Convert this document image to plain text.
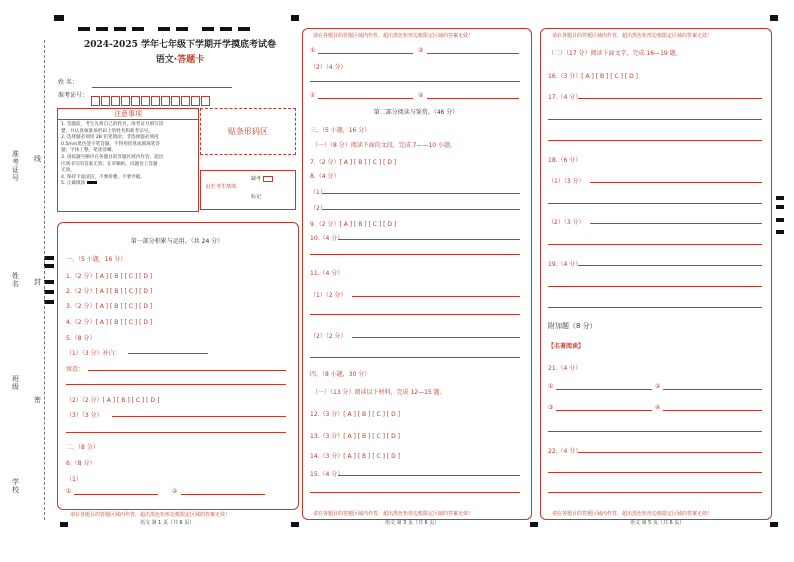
准考证号
线
姓名 封
班级
密
学校
2024-2025 学年七年级下学期开学摸底考试卷
语文·答题卡
姓 名：
准考证号：
注意事项
1. 答题前，考生先将自己的姓名，准考证号填写清
楚，并认真核准条形码上的姓名和准考证号。
2. 选择题必须用 2B 铅笔填涂；非选择题必须用
0.5mm黑色签字笔答题，不得用铅笔或圆珠笔答
题；字体工整，笔迹清晰。
3. 请按题号顺序在各题目的答题区域内作答，超出
区域书写的答案无效；在草稿纸、试题卷上答题
无效。
4. 保持卡面清洁，不要折叠，不要弄破。
5. 正确填涂
贴条形码区
此栏考生禁填
缺考
标记
第一部分积累与运用。（共 24 分）
一、（5 小题，16 分）
1.（2 分）[ A ] [ B ] [ C ] [ D ]
2.（2 分）[ A ] [ B ] [ C ] [ D ]
3.（2 分）[ A ] [ B ] [ C ] [ D ]
4.（2 分）[ A ] [ B ] [ C ] [ D ]
5.（8 分）
（1）（3 分）补白：
寓意：
（2）（2 分）[ A ] [ B ] [ C ] [ D ]
（3）（3 分）
二、（8 分）
6.（8 分）
（1）
①	②
请在各题目的答题区域内作答，超出黑色矩形边框限定区域的答案无效！
语文 第 1 页（共 6 页）
请在各题目的答题区域内作答，超出黑色矩形边框限定区域的答案无效！
①	②
（2）（4 分）
①	②
第二部分阅读与鉴赏。（46 分）
三、（5 小题，16 分）
（一）（8 分）阅读下面的文段，完成 7——10 小题。
7.（2 分）[ A ] [ B ] [ C ] [ D ]
8.（4 分）
（1）
（2）
9.（2 分）[ A ] [ B ] [ C ] [ D ]
10.（4 分）
11.（4 分）
（1）（2 分）
（2）（2 分）
四、（8 小题，30 分）
（一）（13 分）阅读以下材料，完成 12—15 题。
12.（3 分）[ A ] [ B ] [ C ] [ D ]
13.（3 分）[ A ] [ B ] [ C ] [ D ]
14.（3 分）[ A ] [ B ] [ C ] [ D ]
15.（4 分）
请在各题目的答题区域内作答，超出黑色矩形边框限定区域的答案无效！
语文 第 3 页（共 6 页）
请在各题目的答题区域内作答，超出黑色矩形边框限定区域的答案无效！
（二）（17 分）阅读下面文字，完成 16—19 题。
16.（3 分）[ A ] [ B ] [ C ] [ D ]
17.（4 分）
18.（6 分）
（1）（3 分）
（2）（3 分）
19.（4 分）
附加题（8 分）
【名著阅读】
21.（4 分）
①	②
③	④
22.（4 分）
请在各题目的答题区域内作答，超出黑色矩形边框限定区域的答案无效！
语文 第 5 页（共 6 页）
